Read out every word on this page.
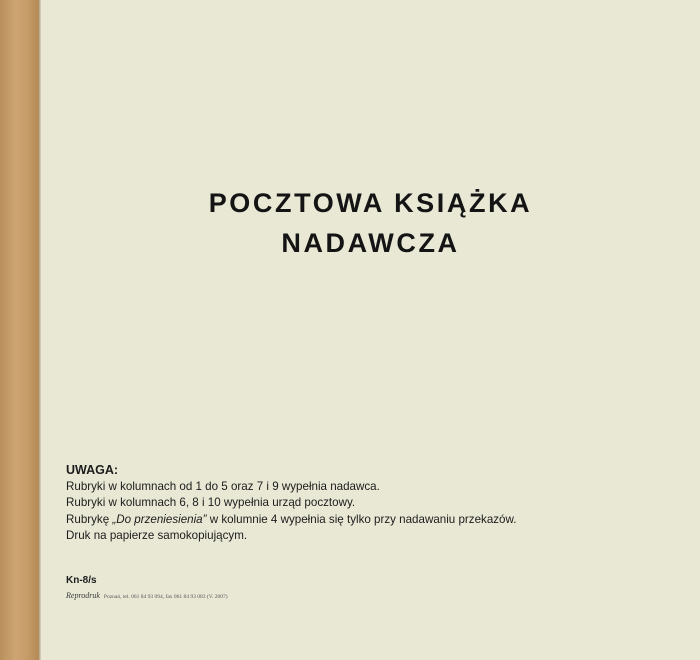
POCZTOWA KSIĄŻKA
NADAWCZA
UWAGA:
Rubryki w kolumnach od 1 do 5 oraz 7 i 9 wypełnia nadawca.
Rubryki w kolumnach 6, 8 i 10 wypełnia urząd pocztowy.
Rubrykę „Do przeniesienia” w kolumnie 4 wypełnia się tylko przy nadawaniu przekazów.
Druk na papierze samokopiującym.
Kn-8/s
Reprodruk Poznań, tel. 061 84 93 094, fax 061 84 93 083 (V. 2007)
